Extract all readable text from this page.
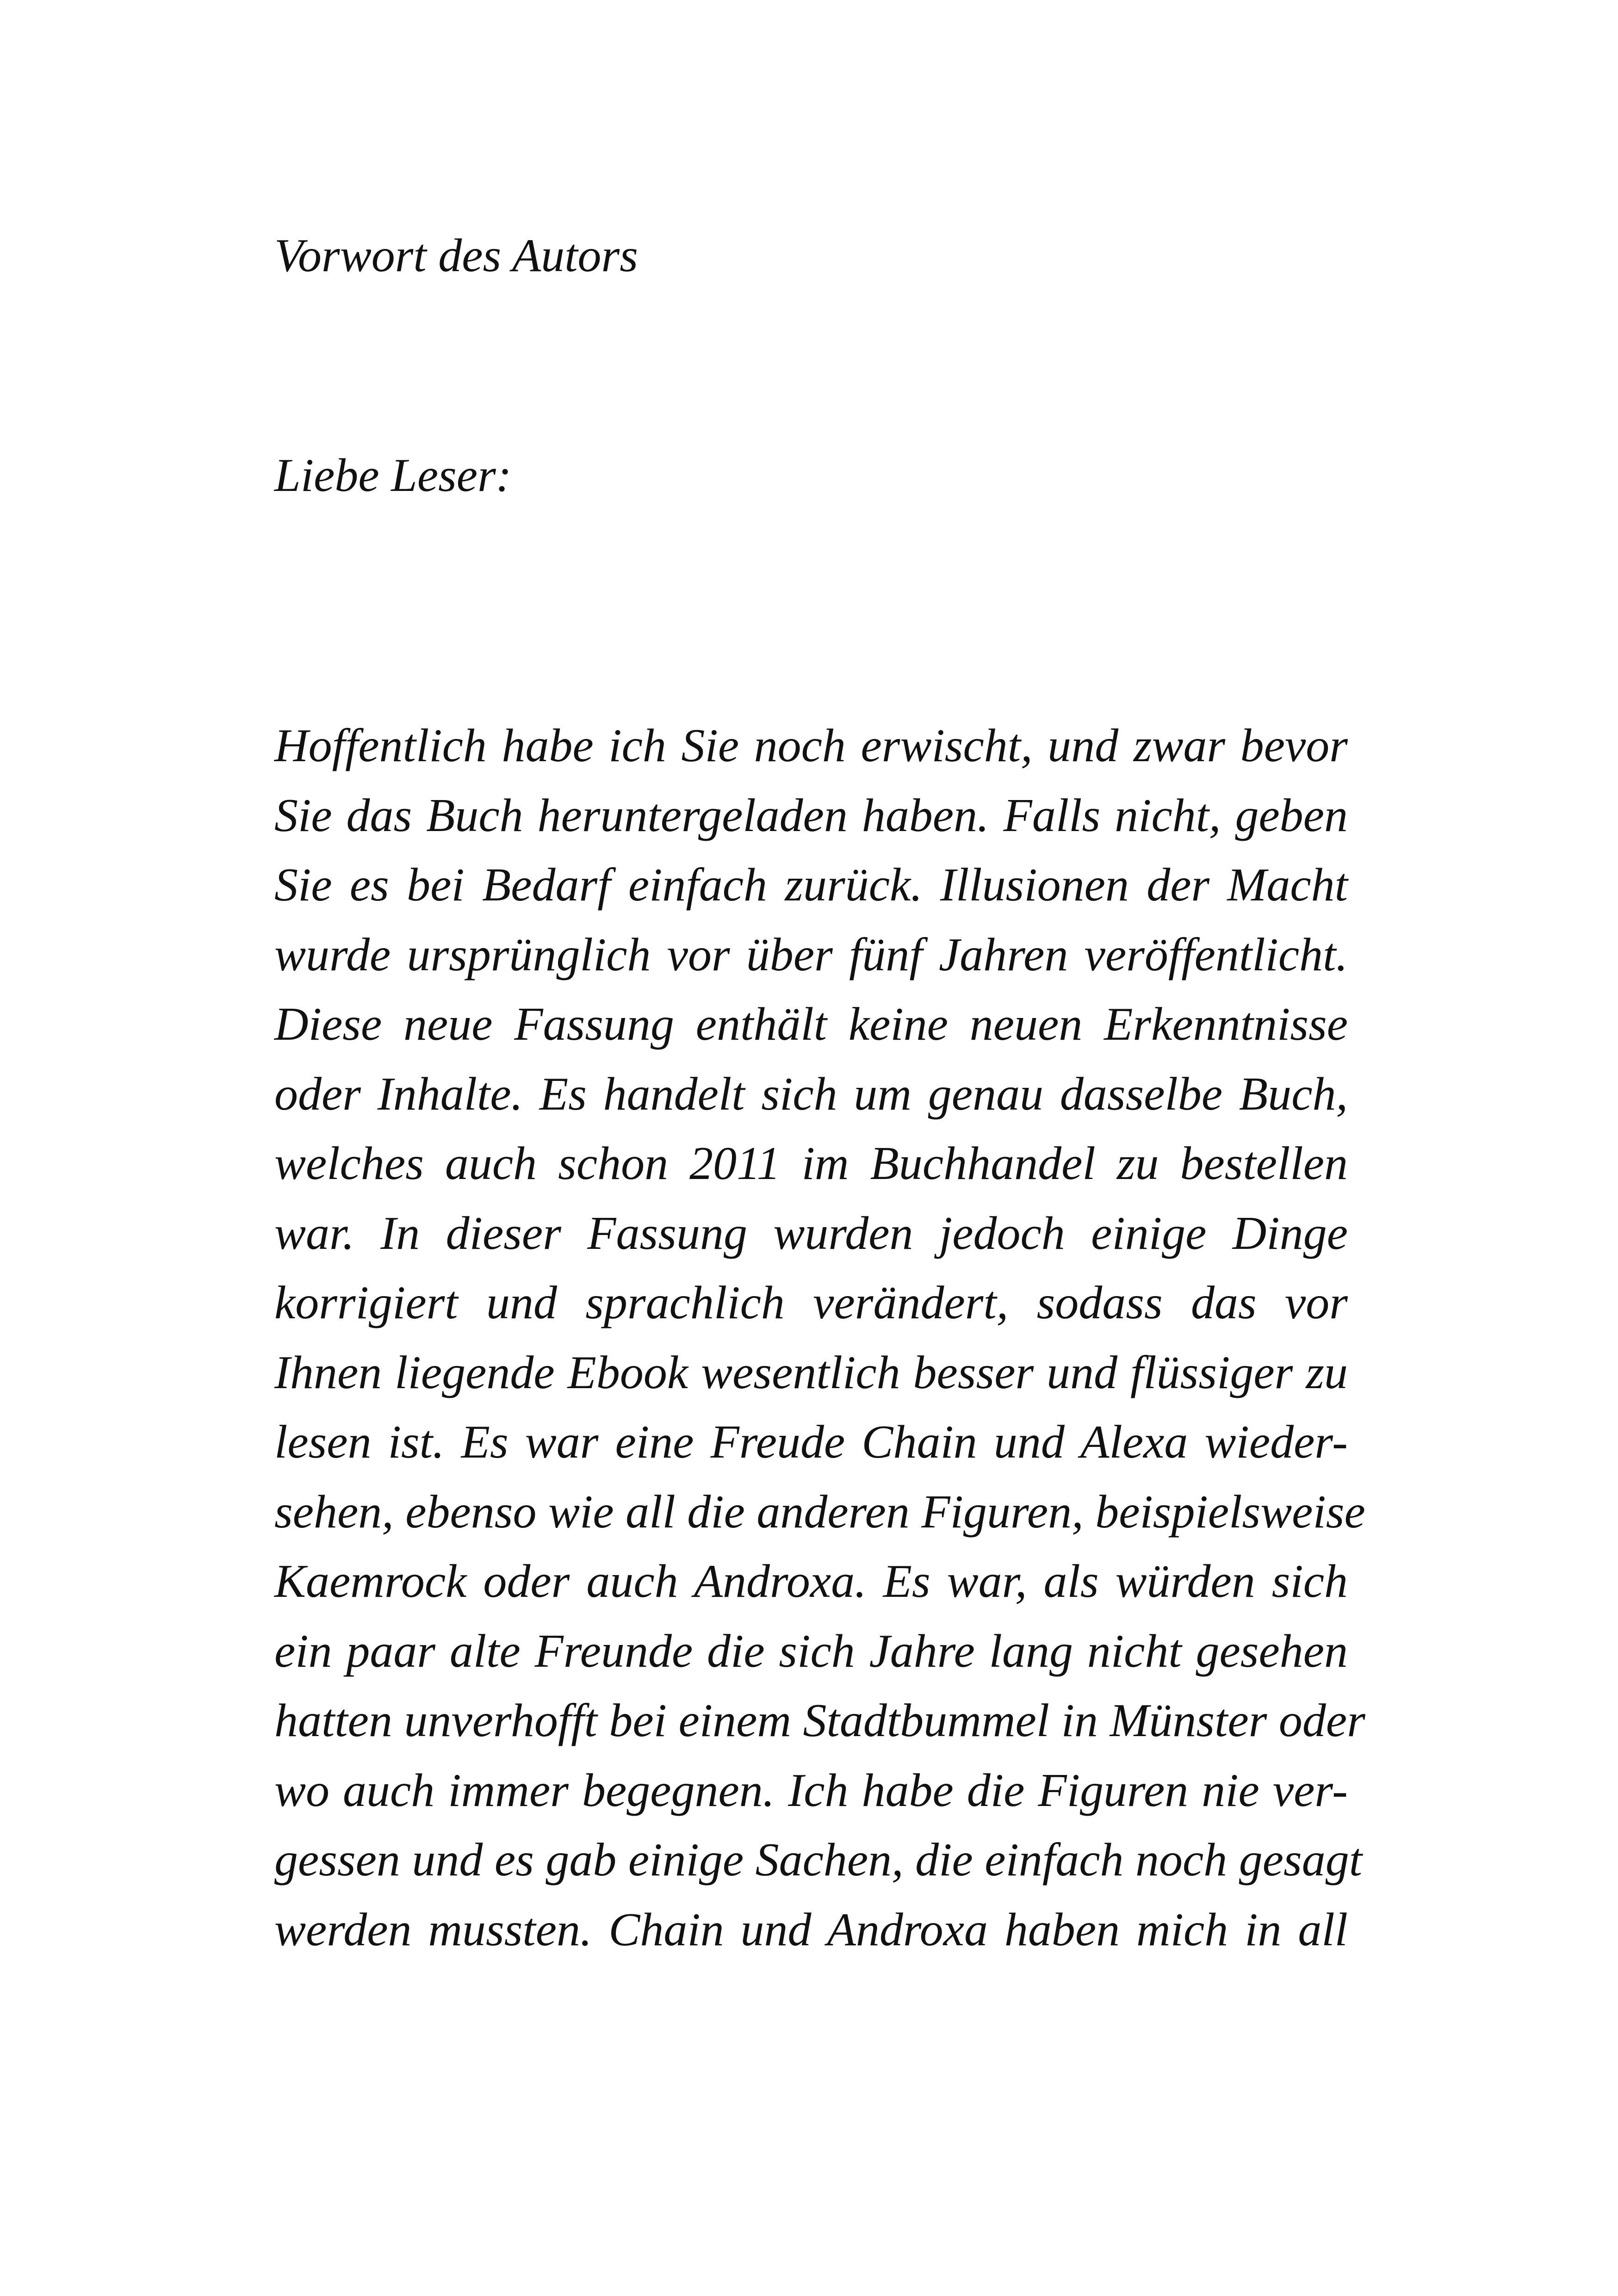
Vorwort des Autors

Liebe Leser:

Hoffentlich habe ich Sie noch erwischt, und zwar bevor
Sie das Buch heruntergeladen haben. Falls nicht, geben
Sie es bei Bedarf einfach zurück. Illusionen der Macht
wurde ursprünglich vor über fünf Jahren veröffentlicht.
Diese neue Fassung enthält keine neuen Erkenntnisse
oder Inhalte. Es handelt sich um genau dasselbe Buch,
welches auch schon 2011 im Buchhandel zu bestellen
war. In dieser Fassung wurden jedoch einige Dinge
korrigiert und sprachlich verändert, sodass das vor
Ihnen liegende Ebook wesentlich besser und flüssiger zu
lesen ist. Es war eine Freude Chain und Alexa wieder-
sehen, ebenso wie all die anderen Figuren, beispielsweise
Kaemrock oder auch Androxa. Es war, als würden sich
ein paar alte Freunde die sich Jahre lang nicht gesehen
hatten unverhofft bei einem Stadtbummel in Münster oder
wo auch immer begegnen. Ich habe die Figuren nie ver-
gessen und es gab einige Sachen, die einfach noch gesagt
werden mussten. Chain und Androxa haben mich in all
